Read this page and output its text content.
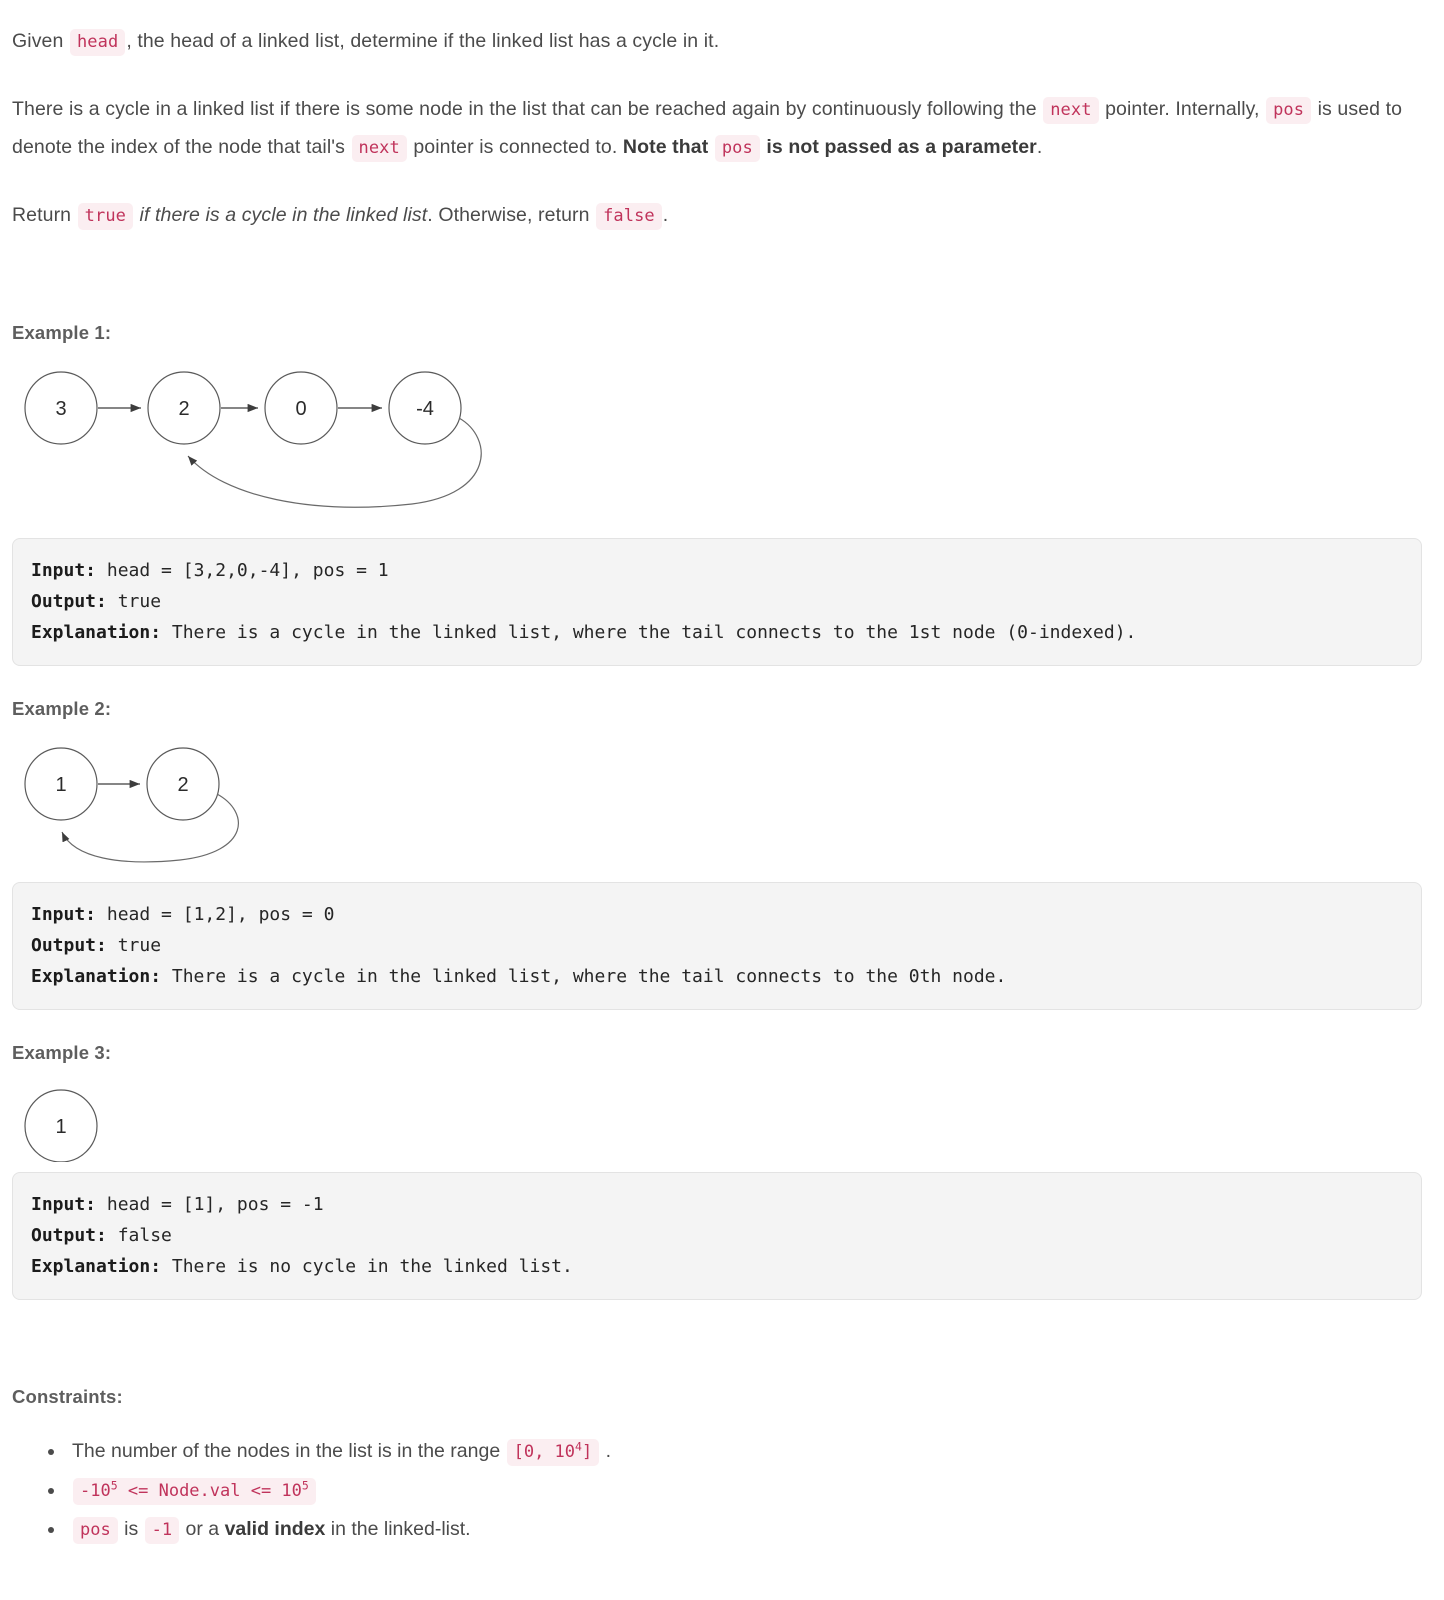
Given head , the head of a linked list, determine if the linked list has a cycle in it.

There is a cycle in a linked list if there is some node in the list that can be reached again by continuously following the next pointer. Internally, pos is used to denote the index of the node that tail's next pointer is connected to. Note that pos is not passed as a parameter.

Return true if there is a cycle in the linked list. Otherwise, return false .

Example 1:
3	2	0	-4
Input: head = [3,2,0,-4], pos = 1
Output: true
Explanation: There is a cycle in the linked list, where the tail connects to the 1st node (0-indexed).
Example 2:
1	2
Input: head = [1,2], pos = 0
Output: true
Explanation: There is a cycle in the linked list, where the tail connects to the 0th node.
Example 3:
1
Input: head = [1], pos = -1
Output: false
Explanation: There is no cycle in the linked list.
Constraints:
The number of the nodes in the list is in the range [0, $10^4$] .
$-10^5$ <= Node.val <= $10^5$
pos is -1 or a valid index in the linked-list.
